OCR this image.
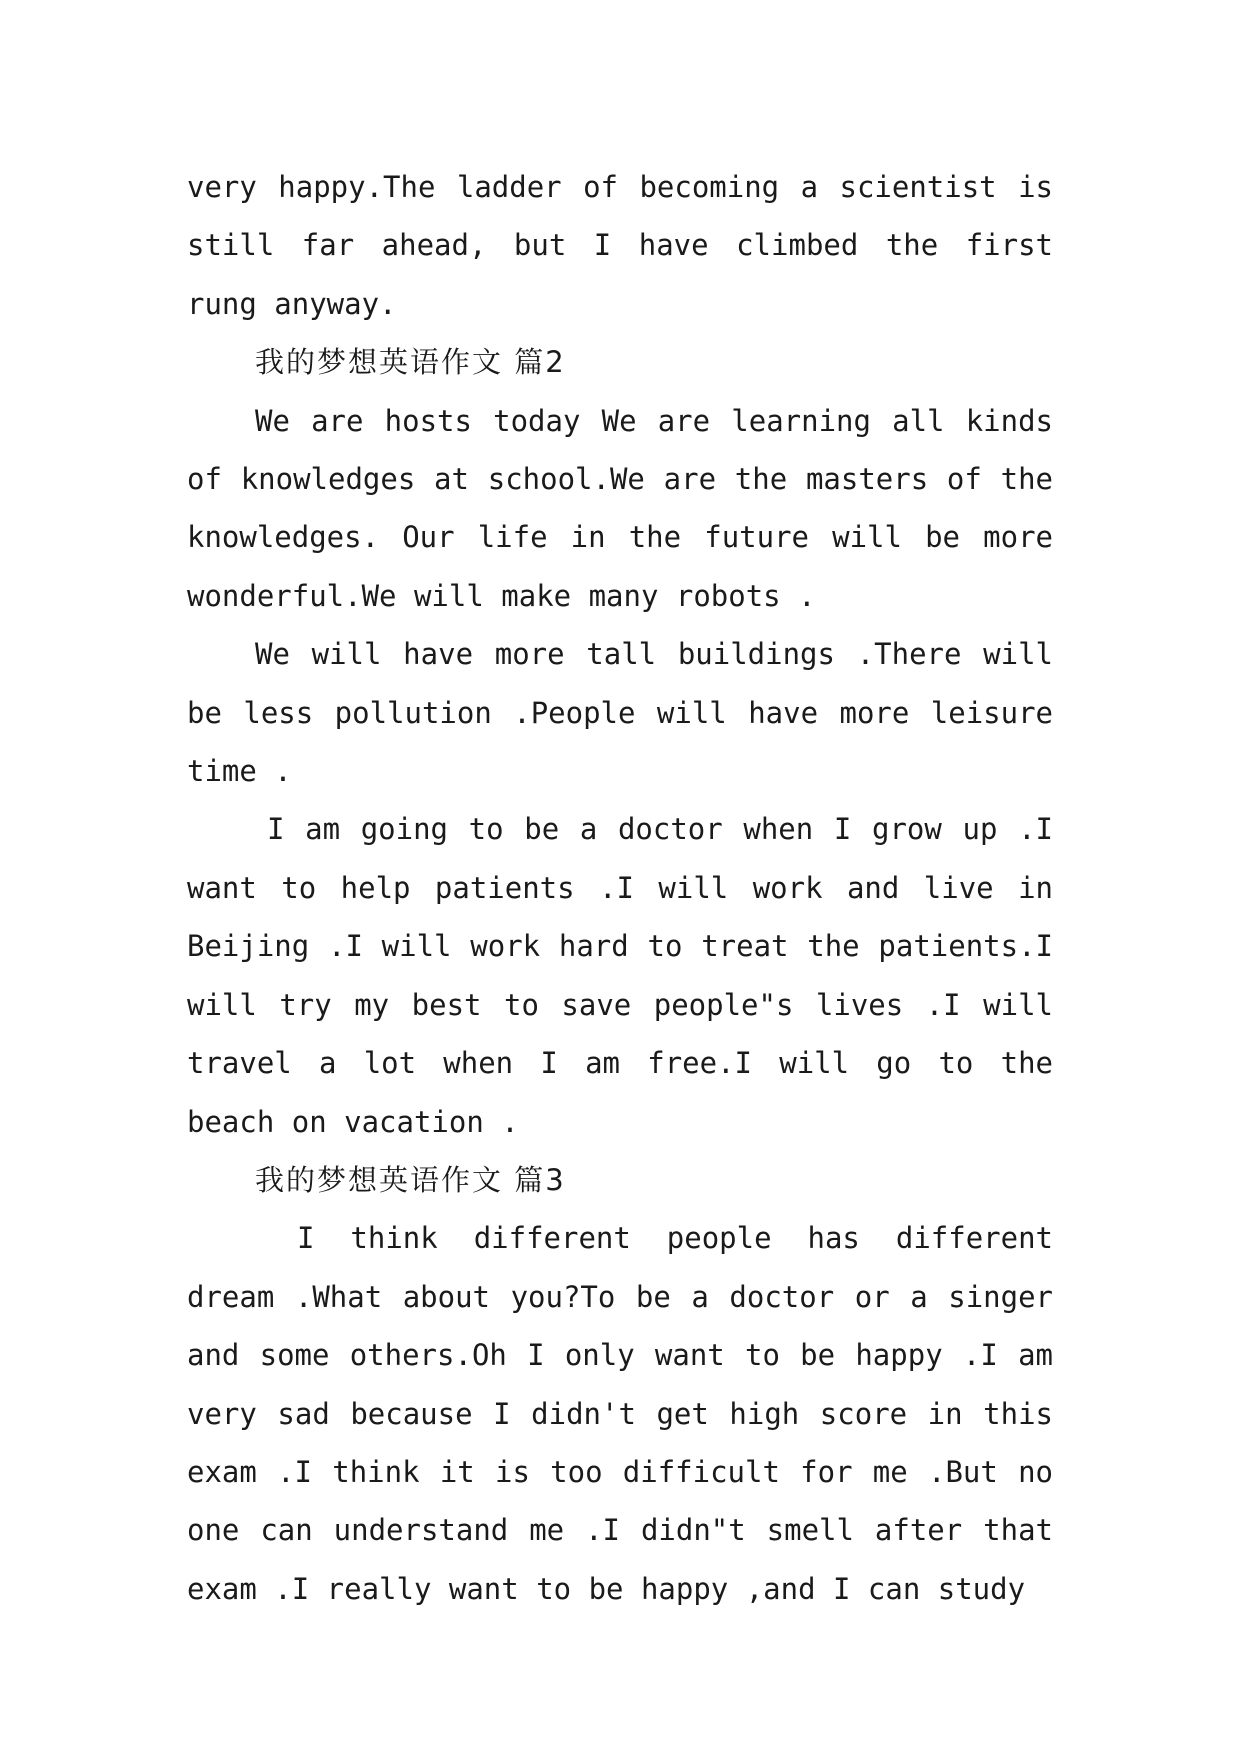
very happy.The ladder of becoming a scientist is still far ahead, but I have climbed the first rung anyway.

我的梦想英语作文 篇2

We are hosts today We are learning all kinds of knowledges at school.We are the masters of the knowledges. Our life in the future will be more wonderful.We will make many robots .

We will have more tall buildings .There will be less pollution .People will have more leisure time .

I am going to be a doctor when I grow up .I want to help patients .I will work and live in Beijing .I will work hard to treat the patients.I will try my best to save people"s lives .I will travel a lot when I am free.I will go to the beach on vacation .

我的梦想英语作文 篇3

I think different people has different dream .What about you?To be a doctor or a singer and some others.Oh I only want to be happy .I am very sad because I didn't get high score in this exam .I think it is too difficult for me .But no one can understand me .I didn"t smell after that exam .I really want to be happy ,and I can study
